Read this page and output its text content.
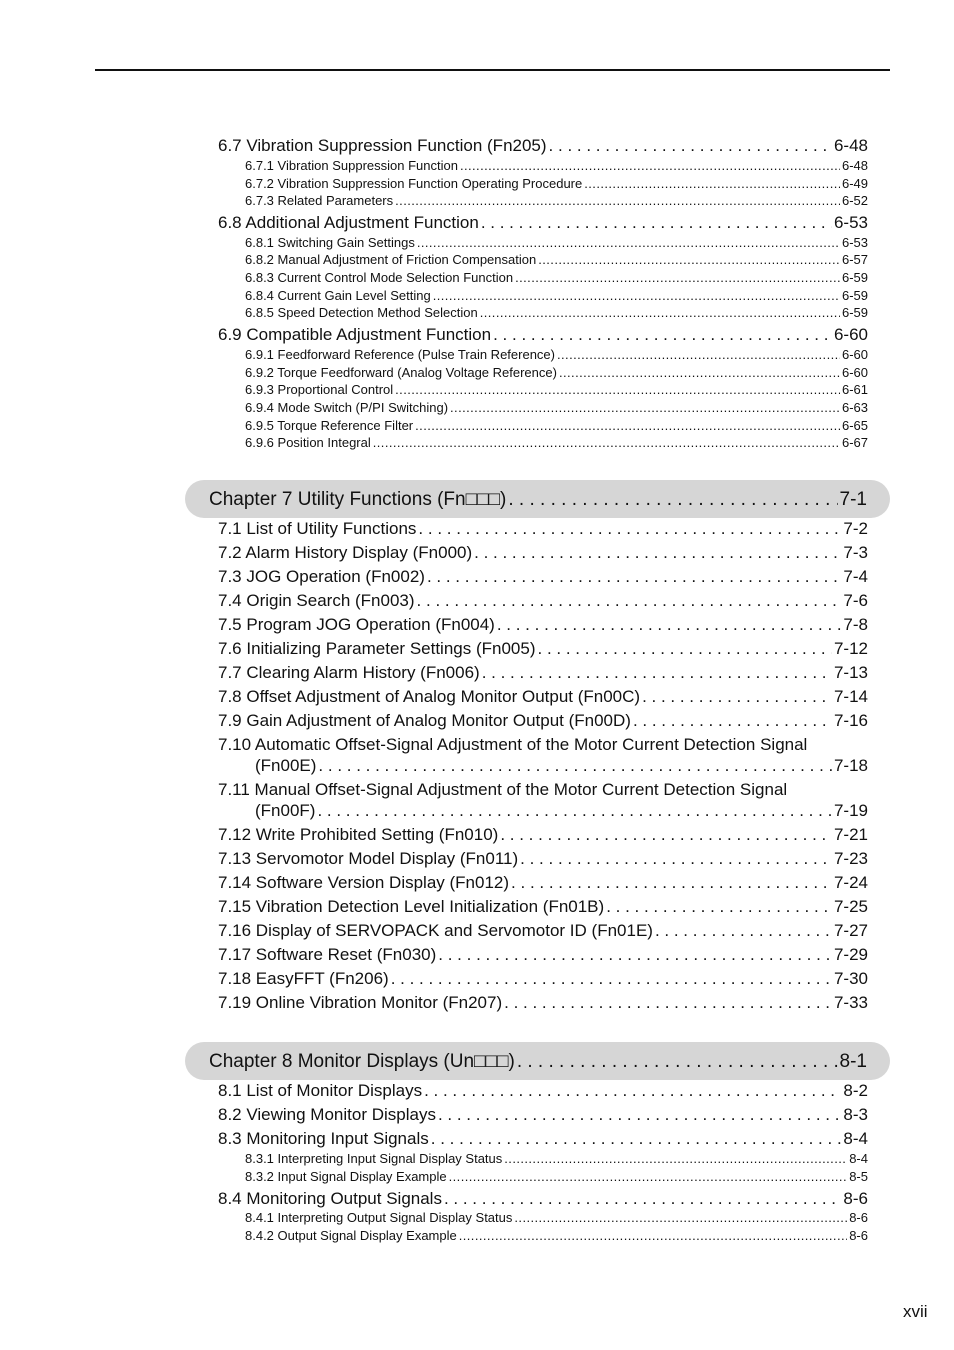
6.7 Vibration Suppression Function (Fn205) . . .	6-48
6.7.1 Vibration Suppression Function . . .	6-48
6.7.2 Vibration Suppression Function Operating Procedure . . .	6-49
6.7.3 Related Parameters . . .	6-52
6.8 Additional Adjustment Function . . .	6-53
6.8.1 Switching Gain Settings . . .	6-53
6.8.2 Manual Adjustment of Friction Compensation . . .	6-57
6.8.3 Current Control Mode Selection Function . . .	6-59
6.8.4 Current Gain Level Setting . . .	6-59
6.8.5 Speed Detection Method Selection . . .	6-59
6.9 Compatible Adjustment Function . . .	6-60
6.9.1 Feedforward Reference (Pulse Train Reference) . . .	6-60
6.9.2 Torque Feedforward (Analog Voltage Reference) . . .	6-60
6.9.3 Proportional Control . . .	6-61
6.9.4 Mode Switch (P/PI Switching) . . .	6-63
6.9.5 Torque Reference Filter . . .	6-65
6.9.6 Position Integral . . .	6-67
Chapter 7 Utility Functions (Fn□□□) . . .	7-1
7.1 List of Utility Functions . . .	7-2
7.2 Alarm History Display (Fn000) . . .	7-3
7.3 JOG Operation (Fn002) . . .	7-4
7.4 Origin Search (Fn003) . . .	7-6
7.5 Program JOG Operation (Fn004) . . .	7-8
7.6 Initializing Parameter Settings (Fn005) . . .	7-12
7.7 Clearing Alarm History (Fn006) . . .	7-13
7.8 Offset Adjustment of Analog Monitor Output (Fn00C) . . .	7-14
7.9 Gain Adjustment of Analog Monitor Output (Fn00D) . . .	7-16
7.10 Automatic Offset-Signal Adjustment of the Motor Current Detection Signal
(Fn00E) . . .	7-18
7.11 Manual Offset-Signal Adjustment of the Motor Current Detection Signal
(Fn00F) . . .	7-19
7.12 Write Prohibited Setting (Fn010) . . .	7-21
7.13 Servomotor Model Display (Fn011) . . .	7-23
7.14 Software Version Display (Fn012) . . .	7-24
7.15 Vibration Detection Level Initialization (Fn01B) . . .	7-25
7.16 Display of SERVOPACK and Servomotor ID (Fn01E) . . .	7-27
7.17 Software Reset (Fn030) . . .	7-29
7.18 EasyFFT (Fn206) . . .	7-30
7.19 Online Vibration Monitor (Fn207) . . .	7-33
Chapter 8 Monitor Displays (Un□□□) . . .	8-1
8.1 List of Monitor Displays . . .	8-2
8.2 Viewing Monitor Displays . . .	8-3
8.3 Monitoring Input Signals . . .	8-4
8.3.1 Interpreting Input Signal Display Status . . .	8-4
8.3.2 Input Signal Display Example . . .	8-5
8.4 Monitoring Output Signals . . .	8-6
8.4.1 Interpreting Output Signal Display Status . . .	8-6
8.4.2 Output Signal Display Example . . .	8-6
xvii
